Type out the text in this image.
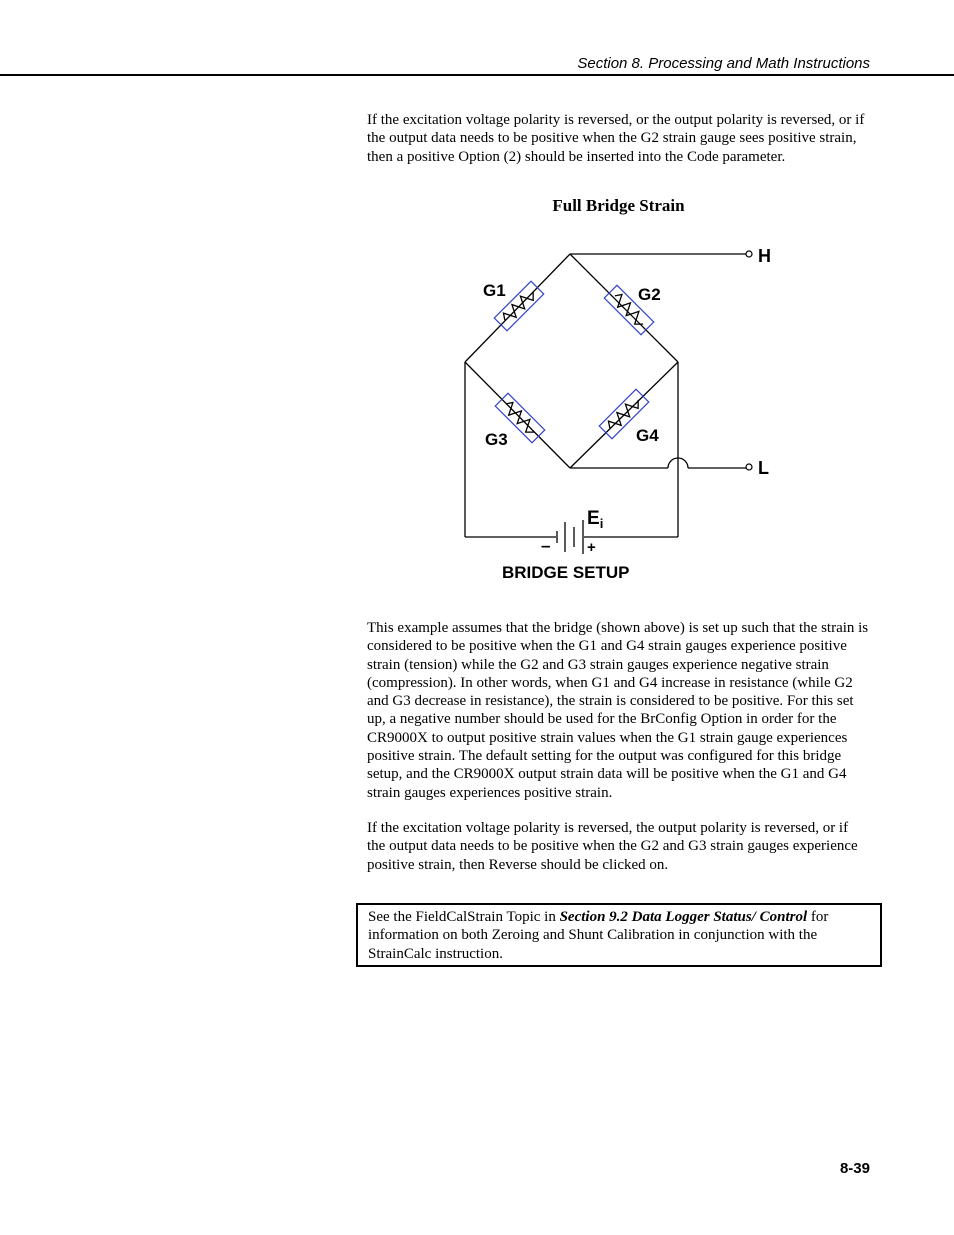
Section 8. Processing and Math Instructions

If the excitation voltage polarity is reversed, or the output polarity is reversed, or if the output data needs to be positive when the G2 strain gauge sees positive strain, then a positive Option (2) should be inserted into the Code parameter.

Full Bridge Strain
G1	G2
G3	G4
H
L
$E_i$
– +
BRIDGE SETUP

This example assumes that the bridge (shown above) is set up such that the strain is considered to be positive when the G1 and G4 strain gauges experience positive strain (tension) while the G2 and G3 strain gauges experience negative strain (compression). In other words, when G1 and G4 increase in resistance (while G2 and G3 decrease in resistance), the strain is considered to be positive. For this set up, a negative number should be used for the BrConfig Option in order for the CR9000X to output positive strain values when the G1 strain gauge experiences positive strain. The default setting for the output was configured for this bridge setup, and the CR9000X output strain data will be positive when the G1 and G4 strain gauges experiences positive strain.

If the excitation voltage polarity is reversed, the output polarity is reversed, or if the output data needs to be positive when the G2 and G3 strain gauges experience positive strain, then Reverse should be clicked on.

See the FieldCalStrain Topic in Section 9.2 Data Logger Status/ Control for information on both Zeroing and Shunt Calibration in conjunction with the StrainCalc instruction.
8-39
